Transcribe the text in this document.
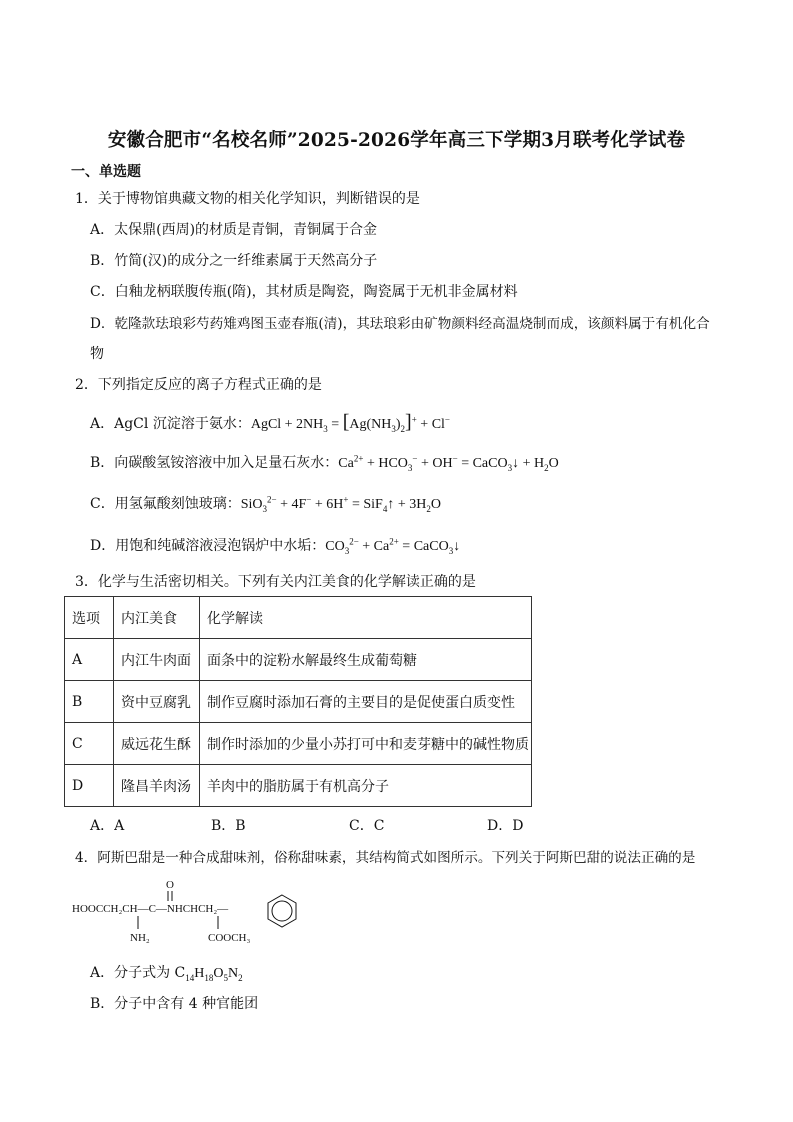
安徽合肥市“名校名师”2025-2026学年高三下学期3月联考化学试卷
一、单选题
1．关于博物馆典藏文物的相关化学知识，判断错误的是
A．太保鼎(西周)的材质是青铜，青铜属于合金
B．竹简(汉)的成分之一纤维素属于天然高分子
C．白釉龙柄联腹传瓶(隋)，其材质是陶瓷，陶瓷属于无机非金属材料
D．乾隆款珐琅彩芍药雉鸡图玉壶春瓶(清)，其珐琅彩由矿物颜料经高温烧制而成，该颜料属于有机化合
物
2．下列指定反应的离子方程式正确的是
A．AgCl 沉淀溶于氨水：AgCl + $2NH_3 = [Ag(NH_3)_2]^+ + Cl^-$
B．向碳酸氢铵溶液中加入足量石灰水：$Ca^{2+} + HCO_3^- + OH^-$ = CaCO$_3$↓ + $H_2O$
C．用氢氟酸刻蚀玻璃：SiO$_3^{2-}$ + 4F− + 6H+ = SiF$_4$↑ + $3H_2O$
D．用饱和纯碱溶液浸泡锅炉中水垢：$CO_3^{2-} + Ca^{2+}$ = CaCO$_3$↓
3．化学与生活密切相关。下列有关内江美食的化学解读正确的是
选项	内江美食	化学解读
A	内江牛肉面	面条中的淀粉水解最终生成葡萄糖
B	资中豆腐乳	制作豆腐时添加石膏的主要目的是促使蛋白质变性
C	威远花生酥	制作时添加的少量小苏打可中和麦芽糖中的碱性物质
D	隆昌羊肉汤	羊肉中的脂肪属于有机高分子
A．A	B．B	C．C	D．D
4．阿斯巴甜是一种合成甜味剂，俗称甜味素，其结构简式如图所示。下列关于阿斯巴甜的说法正确的是
O
HOOCCH₂CH—C—NHCHCH₂—
NH₂	COOCH₃
A．分子式为 $C_{14}H_{18}O_5N_2$
B．分子中含有 4 种官能团
